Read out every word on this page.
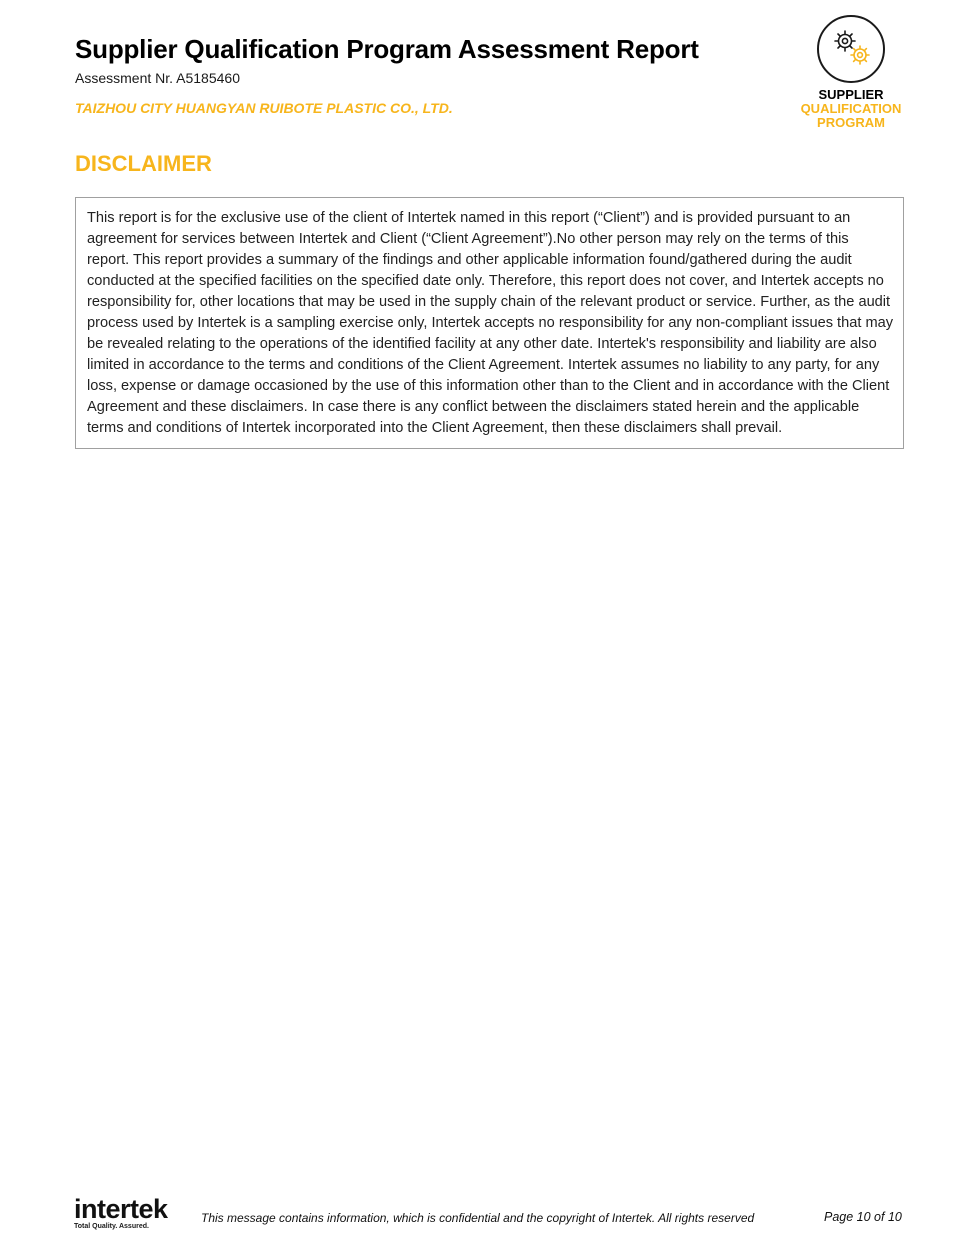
Supplier Qualification Program Assessment Report
Assessment Nr. A5185460
TAIZHOU CITY HUANGYAN RUIBOTE PLASTIC CO., LTD.
SUPPLIER
QUALIFICATION
PROGRAM
DISCLAIMER
This report is for the exclusive use of the client of Intertek named in this report (“Client”) and is provided pursuant to an agreement for services between Intertek and Client (“Client Agreement”).No other person may rely on the terms of this report. This report provides a summary of the findings and other applicable information found/gathered during the audit conducted at the specified facilities on the specified date only. Therefore, this report does not cover, and Intertek accepts no responsibility for, other locations that may be used in the supply chain of the relevant product or service. Further, as the audit process used by Intertek is a sampling exercise only, Intertek accepts no responsibility for any non-compliant issues that may be revealed relating to the operations of the identified facility at any other date. Intertek's responsibility and liability are also limited in accordance to the terms and conditions of the Client Agreement. Intertek assumes no liability to any party, for any loss, expense or damage occasioned by the use of this information other than to the Client and in accordance with the Client Agreement and these disclaimers. In case there is any conflict between the disclaimers stated herein and the applicable terms and conditions of Intertek incorporated into the Client Agreement, then these disclaimers shall prevail.
intertek
Total Quality. Assured.
This message contains information, which is confidential and the copyright of Intertek. All rights reserved	Page 10 of 10
